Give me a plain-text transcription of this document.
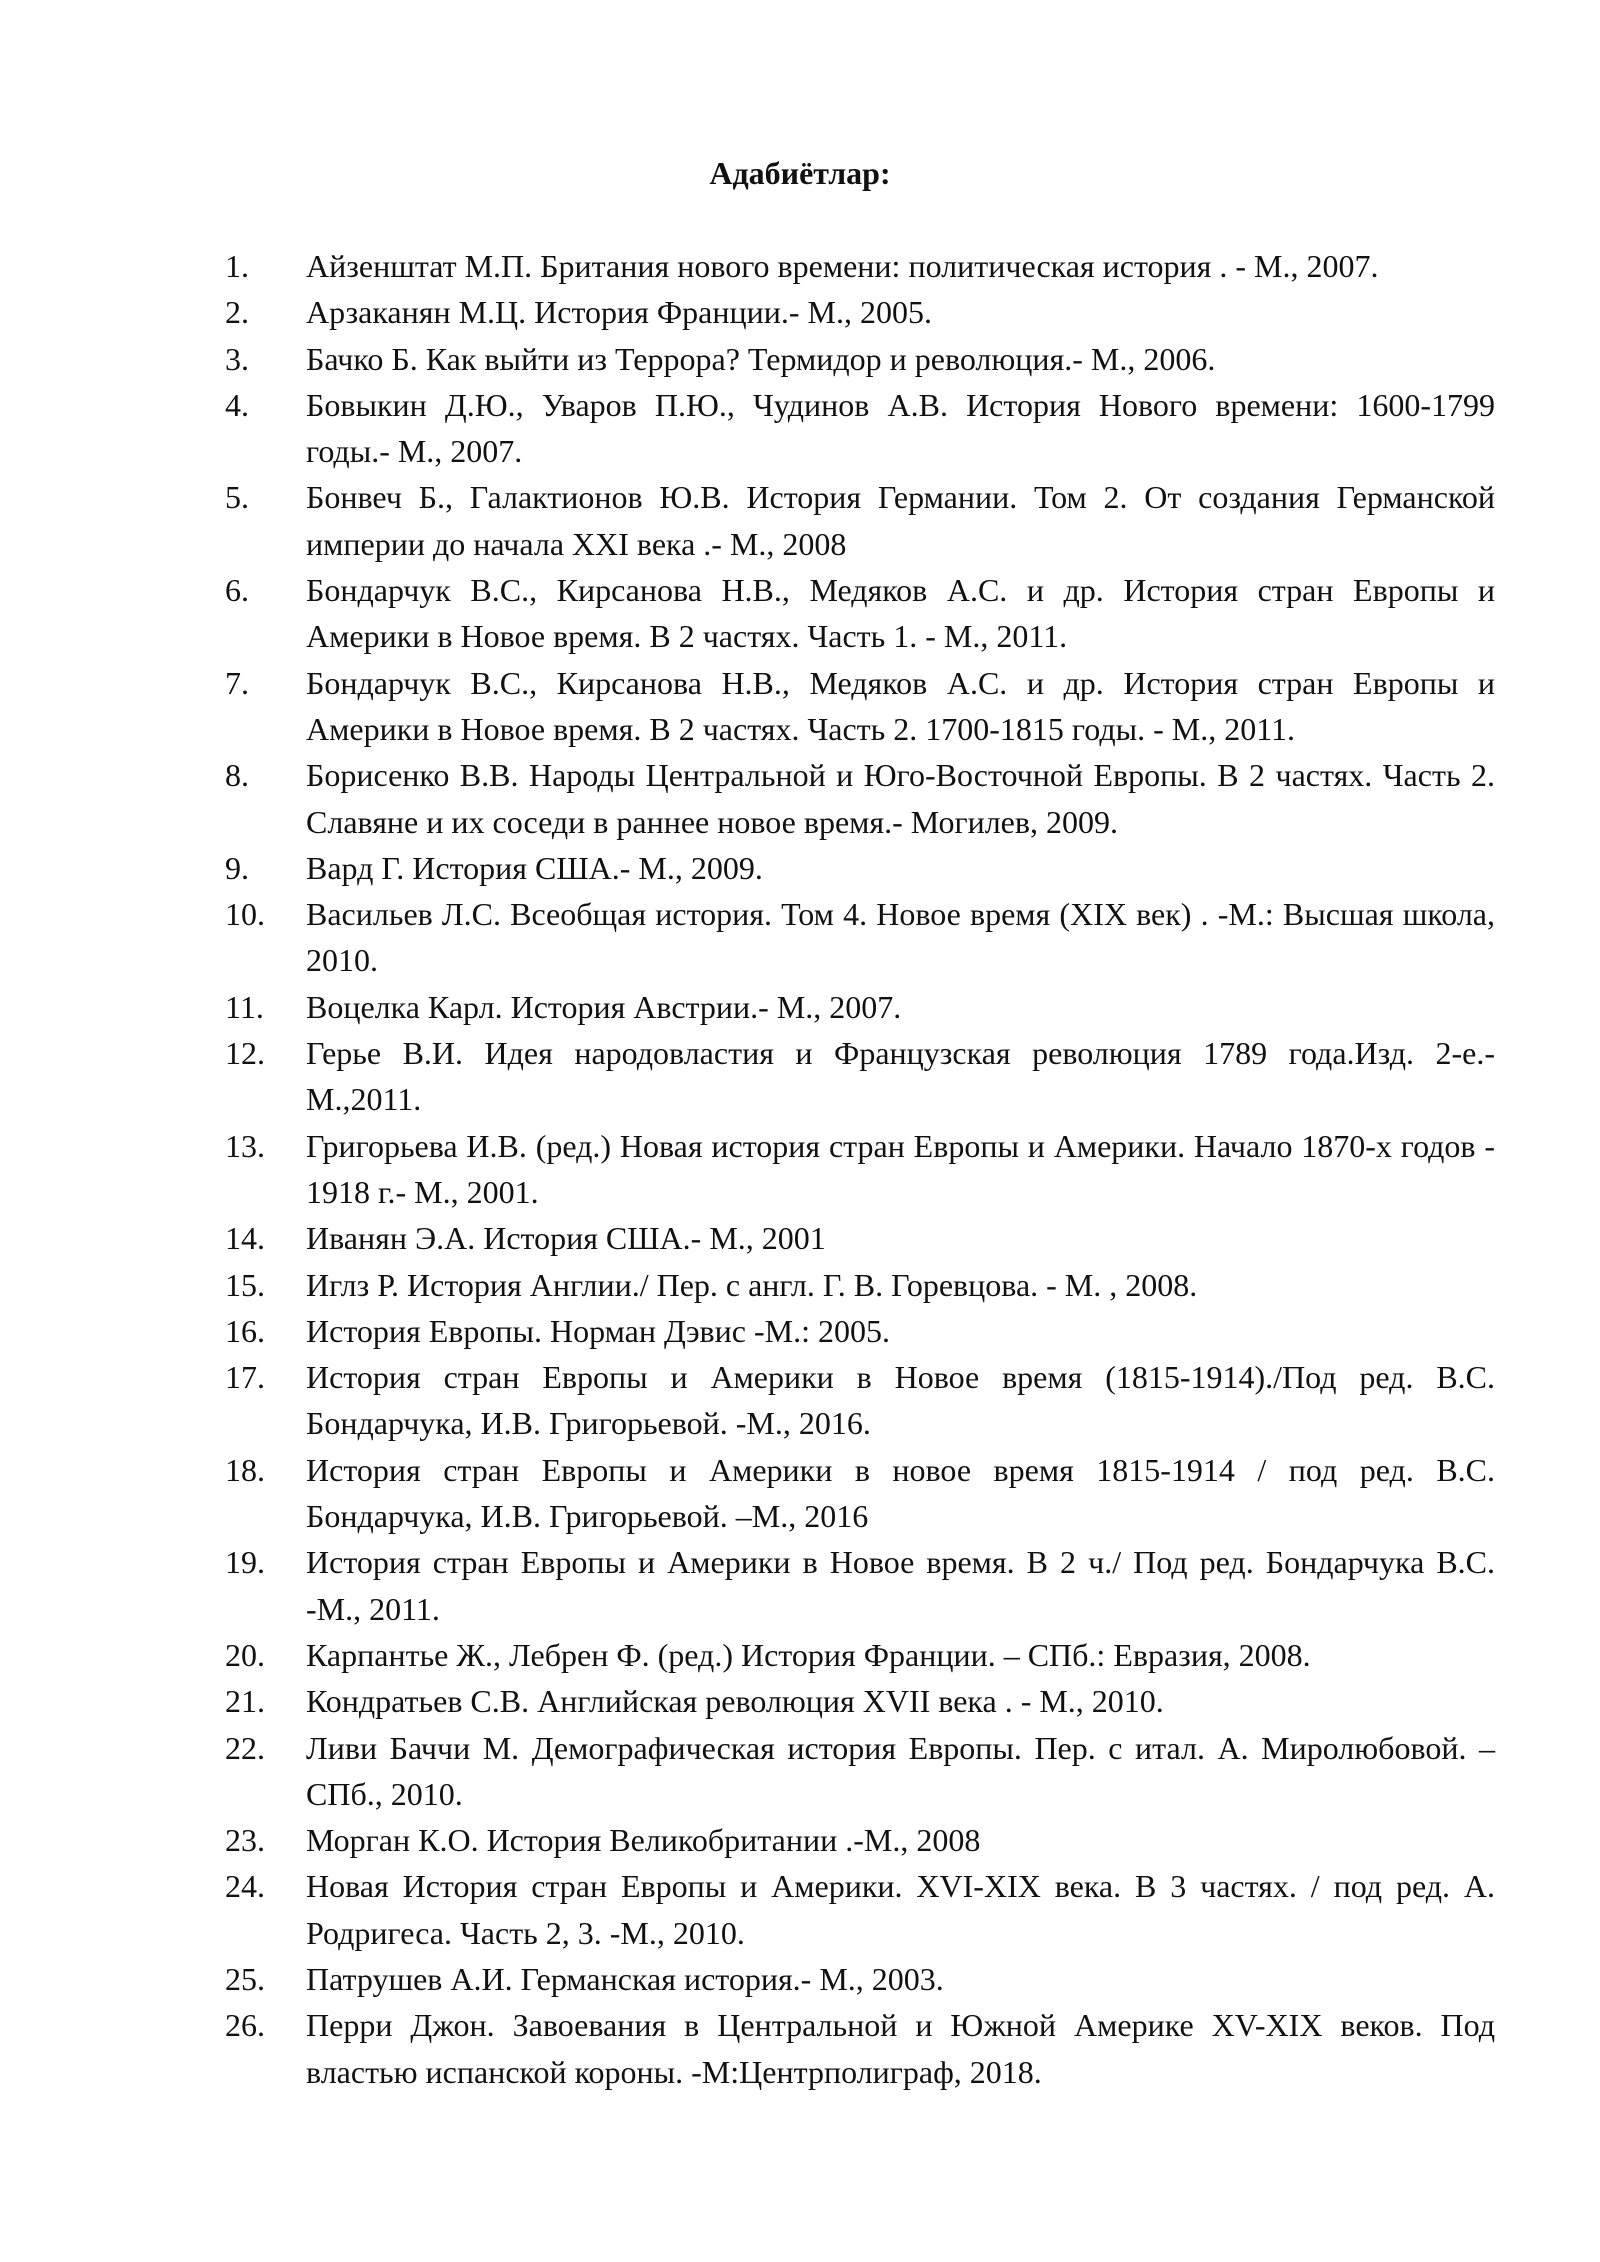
Адабиётлар:
1.	Айзенштат М.П. Британия нового времени: политическая история . - М., 2007.
2.	Арзаканян М.Ц. История Франции.- М., 2005.
3.	Бачко Б. Как выйти из Террора? Термидор и революция.- М., 2006.
4.	Бовыкин Д.Ю., Уваров П.Ю., Чудинов А.В. История Нового времени: 1600-1799 годы.- М., 2007.
5.	Бонвеч Б., Галактионов Ю.В. История Германии. Том 2. От создания Германской империи до начала XXI века .- М., 2008
6.	Бондарчук В.С., Кирсанова Н.В., Медяков А.С. и др. История стран Европы и Америки в Новое время. В 2 частях. Часть 1. - М., 2011.
7.	Бондарчук В.С., Кирсанова Н.В., Медяков А.С. и др. История стран Европы и Америки в Новое время. В 2 частях. Часть 2. 1700-1815 годы. - М., 2011.
8.	Борисенко В.В. Народы Центральной и Юго-Восточной Европы. В 2 частях. Часть 2. Славяне и их соседи в раннее новое время.- Могилев, 2009.
9.	Вард Г. История США.- М., 2009.
10.	Васильев Л.С. Всеобщая история. Том 4. Новое время (XIX век) . -М.: Высшая школа, 2010.
11.	Воцелка Карл. История Австрии.- М., 2007.
12.	Герье В.И. Идея народовластия и Французская революция 1789 года.Изд. 2-е.- М.,2011.
13.	Григорьева И.В. (ред.) Новая история стран Европы и Америки. Начало 1870-х годов - 1918 г.- М., 2001.
14.	Иванян Э.А. История США.- М., 2001
15.	Иглз Р. История Англии./ Пер. с англ. Г. В. Горевцова. - М. , 2008.
16.	История Европы. Норман Дэвис -М.: 2005.
17.	История стран Европы и Америки в Новое время (1815-1914)./Под ред. В.С. Бондарчука, И.В. Григорьевой. -М., 2016.
18.	История стран Европы и Америки в новое время 1815-1914 / под ред. В.С. Бондарчука, И.В. Григорьевой. –М., 2016
19.	История стран Европы и Америки в Новое время. В 2 ч./ Под ред. Бондарчука В.С. -М., 2011.
20.	Карпантье Ж., Лебрен Ф. (ред.) История Франции. – СПб.: Евразия, 2008.
21.	Кондратьев С.В. Английская революция XVII века . - М., 2010.
22.	Ливи Баччи М. Демографическая история Европы. Пер. с итал. А. Миролюбовой. – СПб., 2010.
23.	Морган К.О. История Великобритании .-М., 2008
24.	Новая История стран Европы и Америки. XVI-XIX века. В 3 частях. / под ред. А. Родригеса. Часть 2, 3. -М., 2010.
25.	Патрушев А.И. Германская история.- М., 2003.
26.	Перри Джон. Завоевания в Центральной и Южной Америке XV-XIX веков. Под властью испанской короны. -М:Центрполиграф, 2018.
